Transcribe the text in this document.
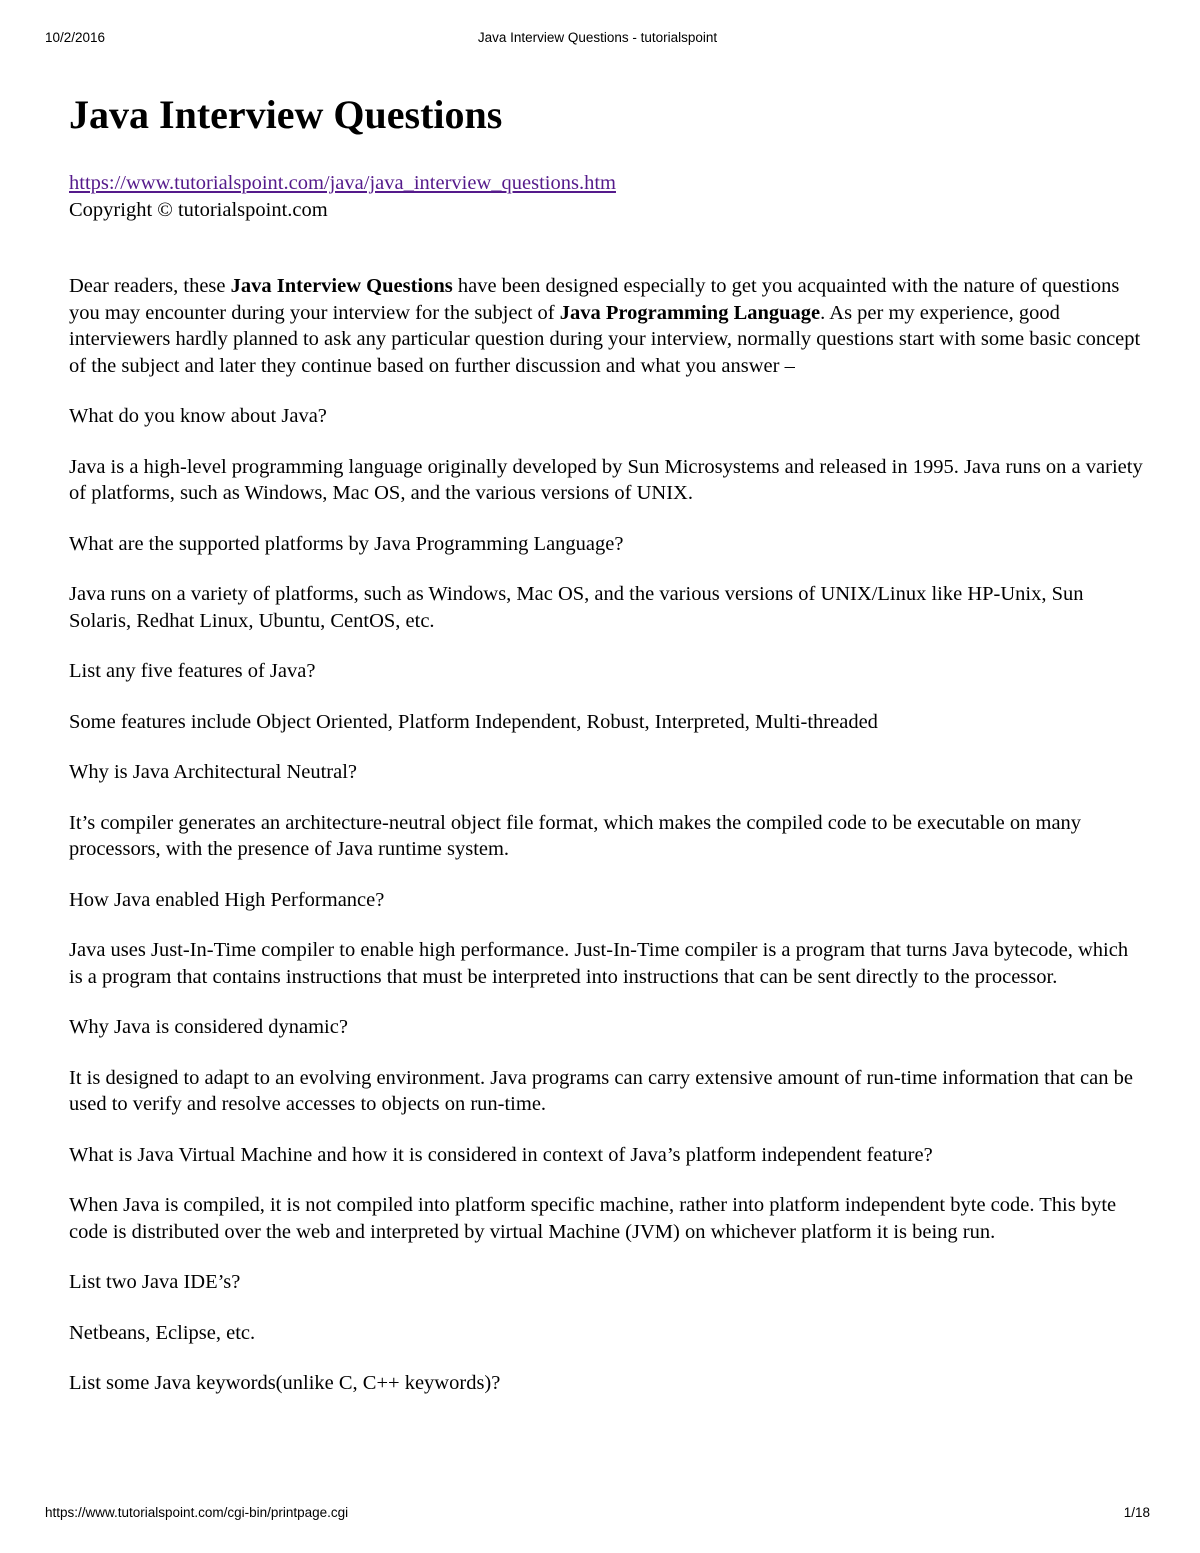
10/2/2016	Java Interview Questions - tutorialspoint
Java Interview Questions
https://www.tutorialspoint.com/java/java_interview_questions.htm
Copyright © tutorialspoint.com

Dear readers, these Java Interview Questions have been designed especially to get you acquainted with the nature of questions you may encounter during your interview for the subject of Java Programming Language. As per my experience, good interviewers hardly planned to ask any particular question during your interview, normally questions start with some basic concept of the subject and later they continue based on further discussion and what you answer –

What do you know about Java?

Java is a high-level programming language originally developed by Sun Microsystems and released in 1995. Java runs on a variety of platforms, such as Windows, Mac OS, and the various versions of UNIX.

What are the supported platforms by Java Programming Language?

Java runs on a variety of platforms, such as Windows, Mac OS, and the various versions of UNIX/Linux like HP-Unix, Sun Solaris, Redhat Linux, Ubuntu, CentOS, etc.

List any five features of Java?

Some features include Object Oriented, Platform Independent, Robust, Interpreted, Multi-threaded

Why is Java Architectural Neutral?

It’s compiler generates an architecture-neutral object file format, which makes the compiled code to be executable on many processors, with the presence of Java runtime system.

How Java enabled High Performance?

Java uses Just-In-Time compiler to enable high performance. Just-In-Time compiler is a program that turns Java bytecode, which is a program that contains instructions that must be interpreted into instructions that can be sent directly to the processor.

Why Java is considered dynamic?

It is designed to adapt to an evolving environment. Java programs can carry extensive amount of run-time information that can be used to verify and resolve accesses to objects on run-time.

What is Java Virtual Machine and how it is considered in context of Java’s platform independent feature?

When Java is compiled, it is not compiled into platform specific machine, rather into platform independent byte code. This byte code is distributed over the web and interpreted by virtual Machine (JVM) on whichever platform it is being run.

List two Java IDE’s?

Netbeans, Eclipse, etc.

List some Java keywords(unlike C, C++ keywords)?

https://www.tutorialspoint.com/cgi-bin/printpage.cgi	1/18
